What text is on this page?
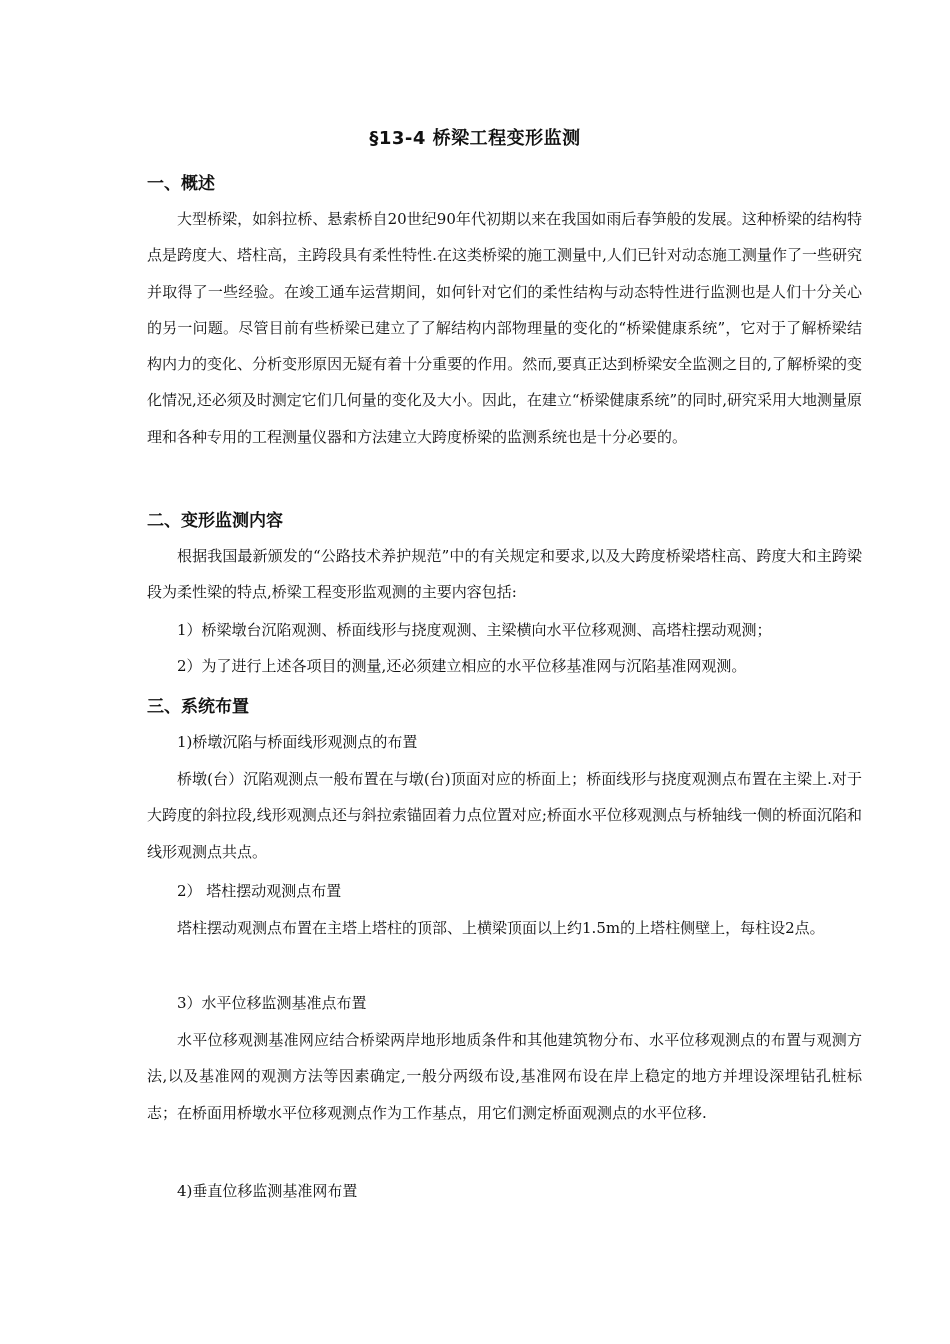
§13-4 桥梁工程变形监测
一、概述

大型桥梁，如斜拉桥、悬索桥自20世纪90年代初期以来在我国如雨后春笋般的发展。这种桥梁的结构特点是跨度大、塔柱高，主跨段具有柔性特性.在这类桥梁的施工测量中,人们已针对动态施工测量作了一些研究并取得了一些经验。在竣工通车运营期间，如何针对它们的柔性结构与动态特性进行监测也是人们十分关心的另一问题。尽管目前有些桥梁已建立了了解结构内部物理量的变化的“桥梁健康系统”，它对于了解桥梁结构内力的变化、分析变形原因无疑有着十分重要的作用。然而,要真正达到桥梁安全监测之目的,了解桥梁的变化情况,还必须及时测定它们几何量的变化及大小。因此，在建立“桥梁健康系统”的同时,研究采用大地测量原理和各种专用的工程测量仪器和方法建立大跨度桥梁的监测系统也是十分必要的。

二、变形监测内容

根据我国最新颁发的“公路技术养护规范”中的有关规定和要求,以及大跨度桥梁塔柱高、跨度大和主跨梁段为柔性梁的特点,桥梁工程变形监观测的主要内容包括:

1）桥梁墩台沉陷观测、桥面线形与挠度观测、主梁横向水平位移观测、高塔柱摆动观测；
2）为了进行上述各项目的测量,还必须建立相应的水平位移基准网与沉陷基准网观测。
三、系统布置
1)桥墩沉陷与桥面线形观测点的布置

桥墩(台）沉陷观测点一般布置在与墩(台)顶面对应的桥面上；桥面线形与挠度观测点布置在主梁上.对于大跨度的斜拉段,线形观测点还与斜拉索锚固着力点位置对应;桥面水平位移观测点与桥轴线一侧的桥面沉陷和线形观测点共点。

2） 塔柱摆动观测点布置

塔柱摆动观测点布置在主塔上塔柱的顶部、上横梁顶面以上约1.5m的上塔柱侧壁上，每柱设2点。

3）水平位移监测基准点布置

水平位移观测基准网应结合桥梁两岸地形地质条件和其他建筑物分布、水平位移观测点的布置与观测方法,以及基准网的观测方法等因素确定,一般分两级布设,基准网布设在岸上稳定的地方并埋设深埋钻孔桩标志；在桥面用桥墩水平位移观测点作为工作基点，用它们测定桥面观测点的水平位移.

4)垂直位移监测基准网布置
